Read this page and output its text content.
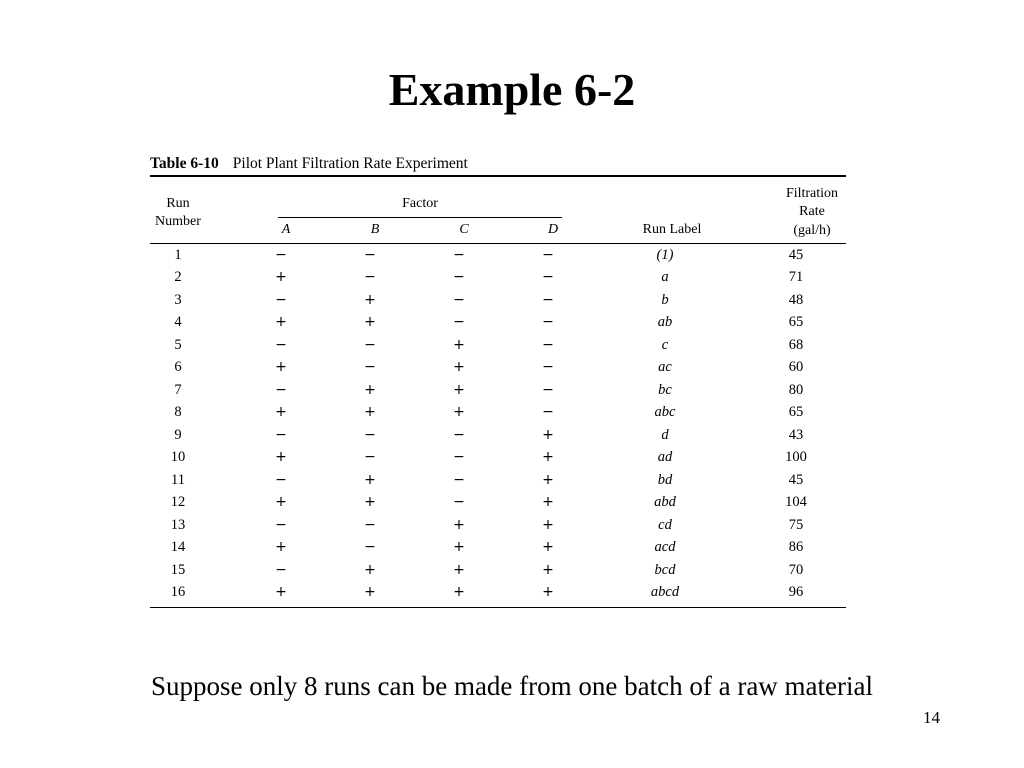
Example 6-2
Table 6-10 Pilot Plant Filtration Rate Experiment
Run
Number
Factor
A	B	C	D	Run Label
Filtration
Rate
(gal/h)
1		−		−		−		−		(1)		45	
2		+		−		−		−		a		71	
3		−		+		−		−		b		48	
4		+		+		−		−		ab		65	
5		−		−		+		−		c		68	
6		+		−		+		−		ac		60	
7		−		+		+		−		bc		80	
8		+		+		+		−		abc		65	
9		−		−		−		+		d		43	
10		+		−		−		+		ad		100	
11		−		+		−		+		bd		45	
12		+		+		−		+		abd		104	
13		−		−		+		+		cd		75	
14		+		−		+		+		acd		86	
15		−		+		+		+		bcd		70	
16		+		+		+		+		abcd		96	
Suppose only 8 runs can be made from one batch of a raw material
14
